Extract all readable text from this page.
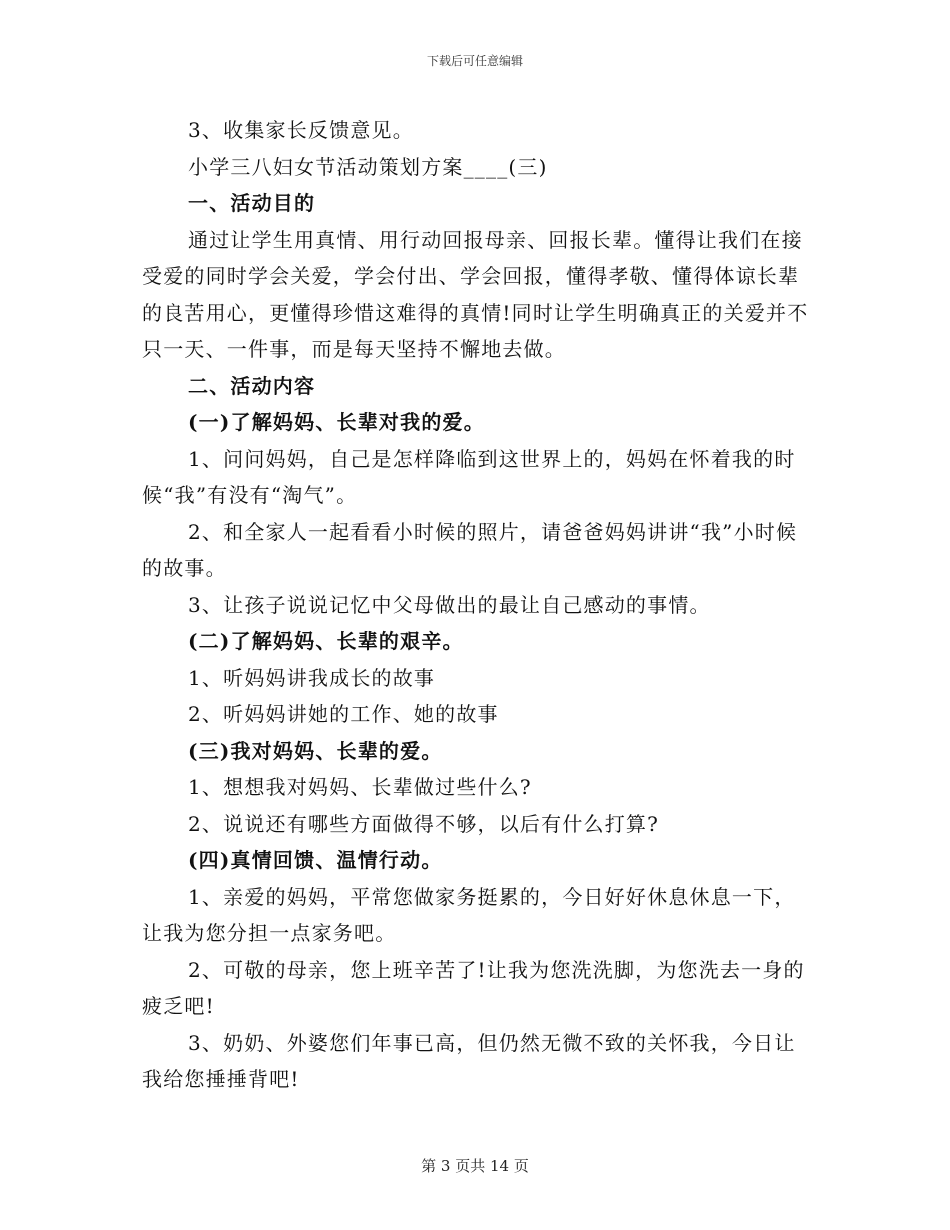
下载后可任意编辑

3、收集家长反馈意见。

小学三八妇女节活动策划方案____(三)

一、活动目的

通过让学生用真情、用行动回报母亲、回报长辈。懂得让我们在接受爱的同时学会关爱，学会付出、学会回报，懂得孝敬、懂得体谅长辈的良苦用心，更懂得珍惜这难得的真情!同时让学生明确真正的关爱并不只一天、一件事，而是每天坚持不懈地去做。

二、活动内容

(一)了解妈妈、长辈对我的爱。

1、问问妈妈，自己是怎样降临到这世界上的，妈妈在怀着我的时候“我”有没有“淘气”。

2、和全家人一起看看小时候的照片，请爸爸妈妈讲讲“我”小时候的故事。

3、让孩子说说记忆中父母做出的最让自己感动的事情。

(二)了解妈妈、长辈的艰辛。

1、听妈妈讲我成长的故事

2、听妈妈讲她的工作、她的故事

(三)我对妈妈、长辈的爱。

1、想想我对妈妈、长辈做过些什么?

2、说说还有哪些方面做得不够，以后有什么打算?

(四)真情回馈、温情行动。

1、亲爱的妈妈，平常您做家务挺累的，今日好好休息休息一下，让我为您分担一点家务吧。

2、可敬的母亲，您上班辛苦了!让我为您洗洗脚，为您洗去一身的疲乏吧!

3、奶奶、外婆您们年事已高，但仍然无微不致的关怀我，今日让我给您捶捶背吧!

第 3 页共 14 页
